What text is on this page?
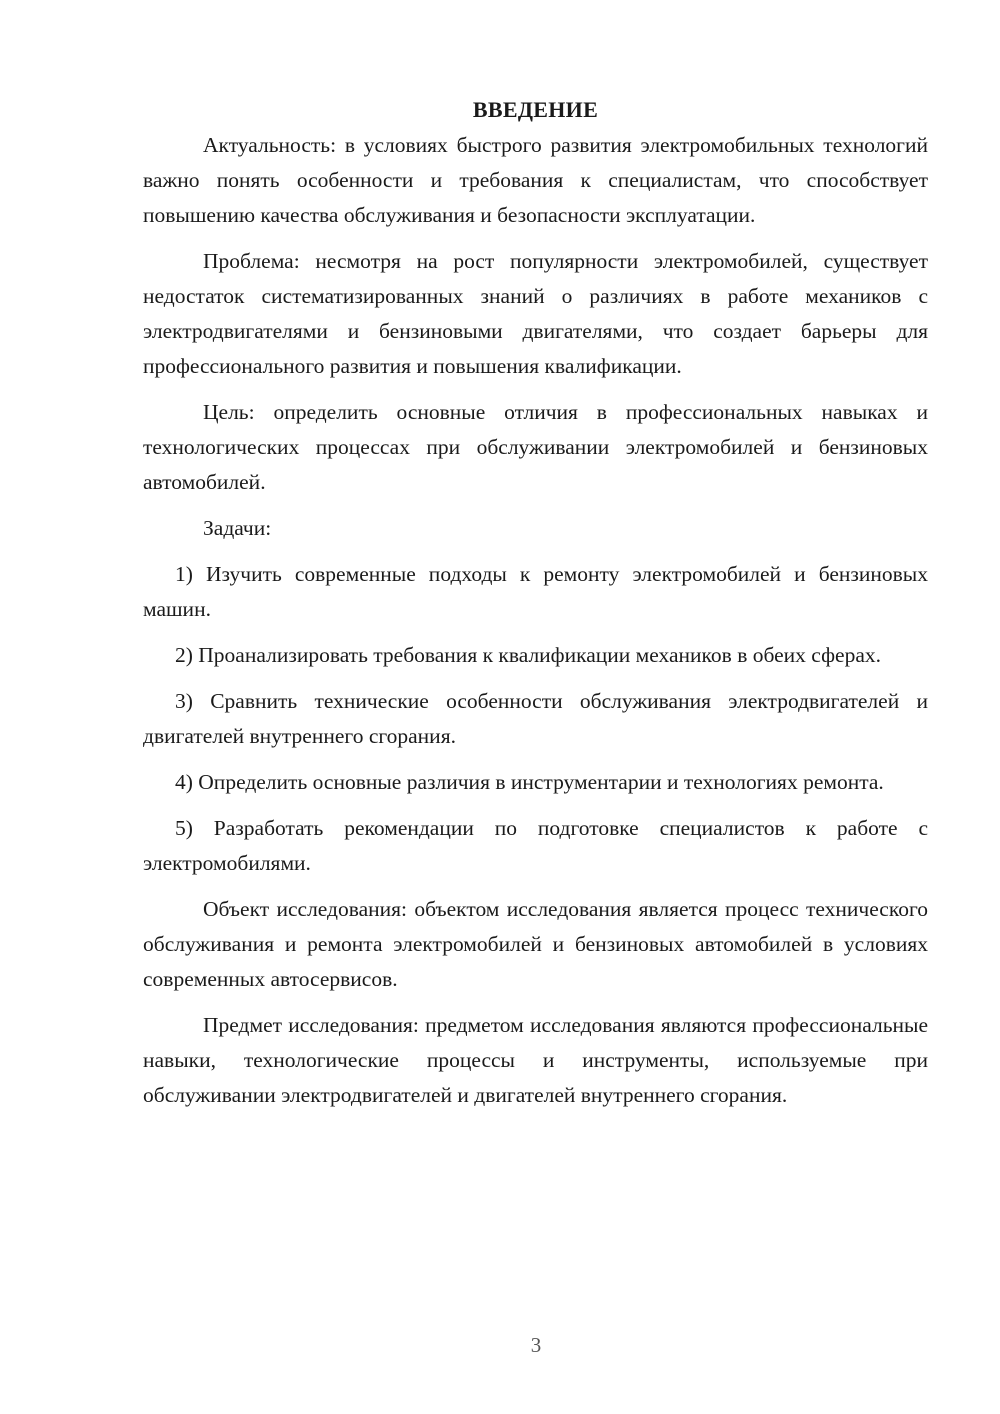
ВВЕДЕНИЕ

Актуальность: в условиях быстрого развития электромобильных технологий важно понять особенности и требования к специалистам, что способствует повышению качества обслуживания и безопасности эксплуатации.

Проблема: несмотря на рост популярности электромобилей, существует недостаток систематизированных знаний о различиях в работе механиков с электродвигателями и бензиновыми двигателями, что создает барьеры для профессионального развития и повышения квалификации.

Цель: определить основные отличия в профессиональных навыках и технологических процессах при обслуживании электромобилей и бензиновых автомобилей.

Задачи:

1) Изучить современные подходы к ремонту электромобилей и бензиновых машин.

2) Проанализировать требования к квалификации механиков в обеих сферах.

3) Сравнить технические особенности обслуживания электродвигателей и двигателей внутреннего сгорания.

4) Определить основные различия в инструментарии и технологиях ремонта.

5) Разработать рекомендации по подготовке специалистов к работе с электромобилями.

Объект исследования: объектом исследования является процесс технического обслуживания и ремонта электромобилей и бензиновых автомобилей в условиях современных автосервисов.

Предмет исследования: предметом исследования являются профессиональные навыки, технологические процессы и инструменты, используемые при обслуживании электродвигателей и двигателей внутреннего сгорания.

3
